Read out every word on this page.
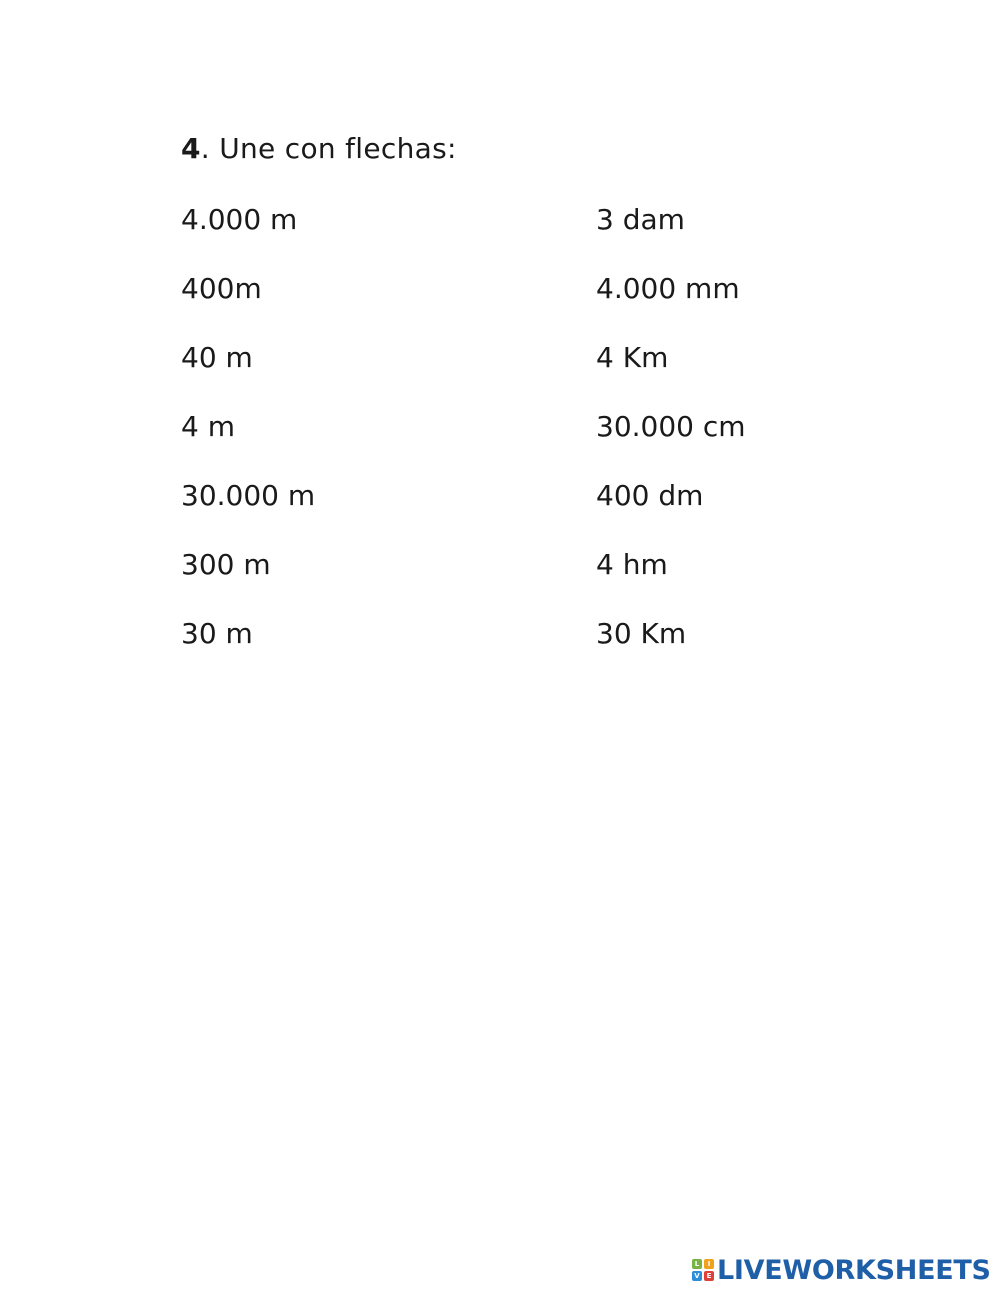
4. Une con flechas:
4.000 m
400m
40 m
4 m
30.000 m
300 m
30 m
3 dam
4.000 mm
4 Km
30.000 cm
400 dm
4 hm
30 Km
L	I
V E LIVEWORKSHEETS
